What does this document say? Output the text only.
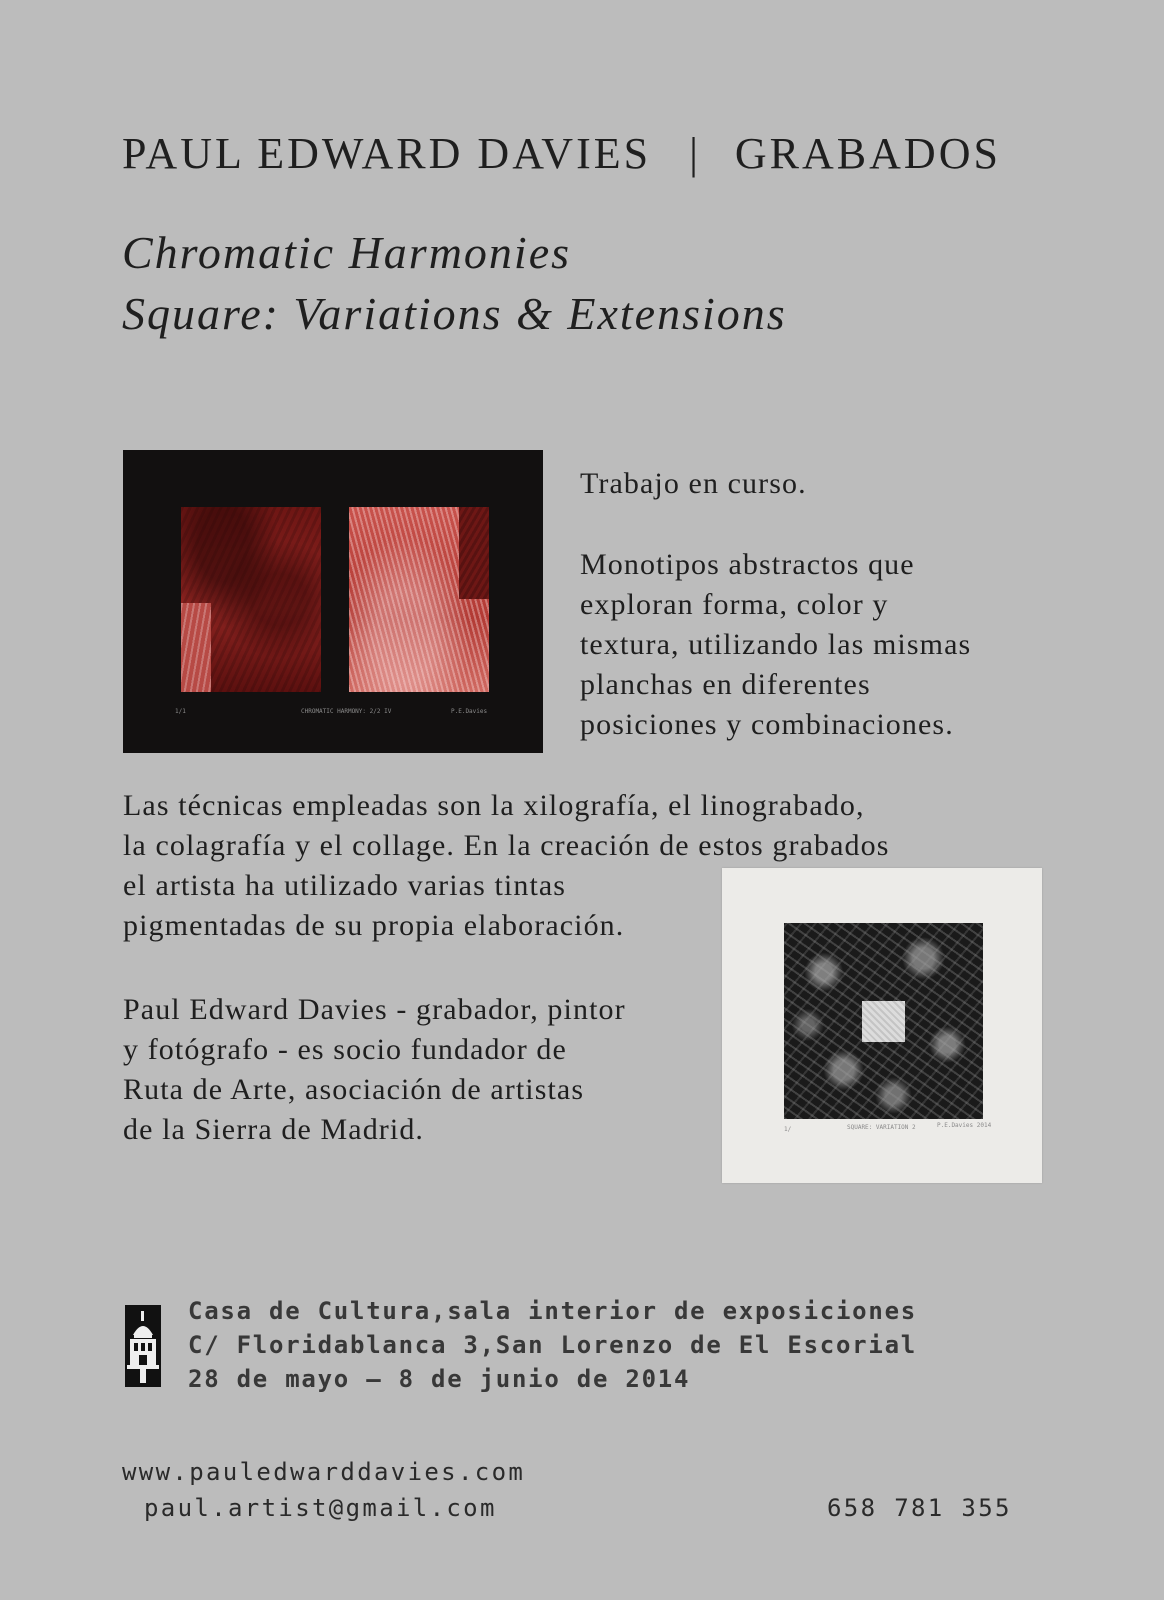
PAUL EDWARD DAVIES | GRABADOS
Chromatic Harmonies
Square: Variations & Extensions
1/1	CHROMATIC HARMONY: 2/2 IV	P.E.Davies

Trabajo en curso.

Monotipos abstractos que
exploran forma, color y
textura, utilizando las mismas
planchas en diferentes
posiciones y combinaciones.

Las técnicas empleadas son la xilografía, el linograbado,
la colagrafía y el collage. En la creación de estos grabados
el artista ha utilizado varias tintas
pigmentadas de su propia elaboración.

Paul Edward Davies - grabador, pintor
y fotógrafo - es socio fundador de
Ruta de Arte, asociación de artistas
de la Sierra de Madrid.	1/	SQUARE: VARIATION 2	P.E.Davies 2014
Casa de Cultura,sala interior de exposiciones
C/ Floridablanca 3,San Lorenzo de El Escorial
28 de mayo – 8 de junio de 2014
www.pauledwarddavies.com
paul.artist@gmail.com	658 781 355
